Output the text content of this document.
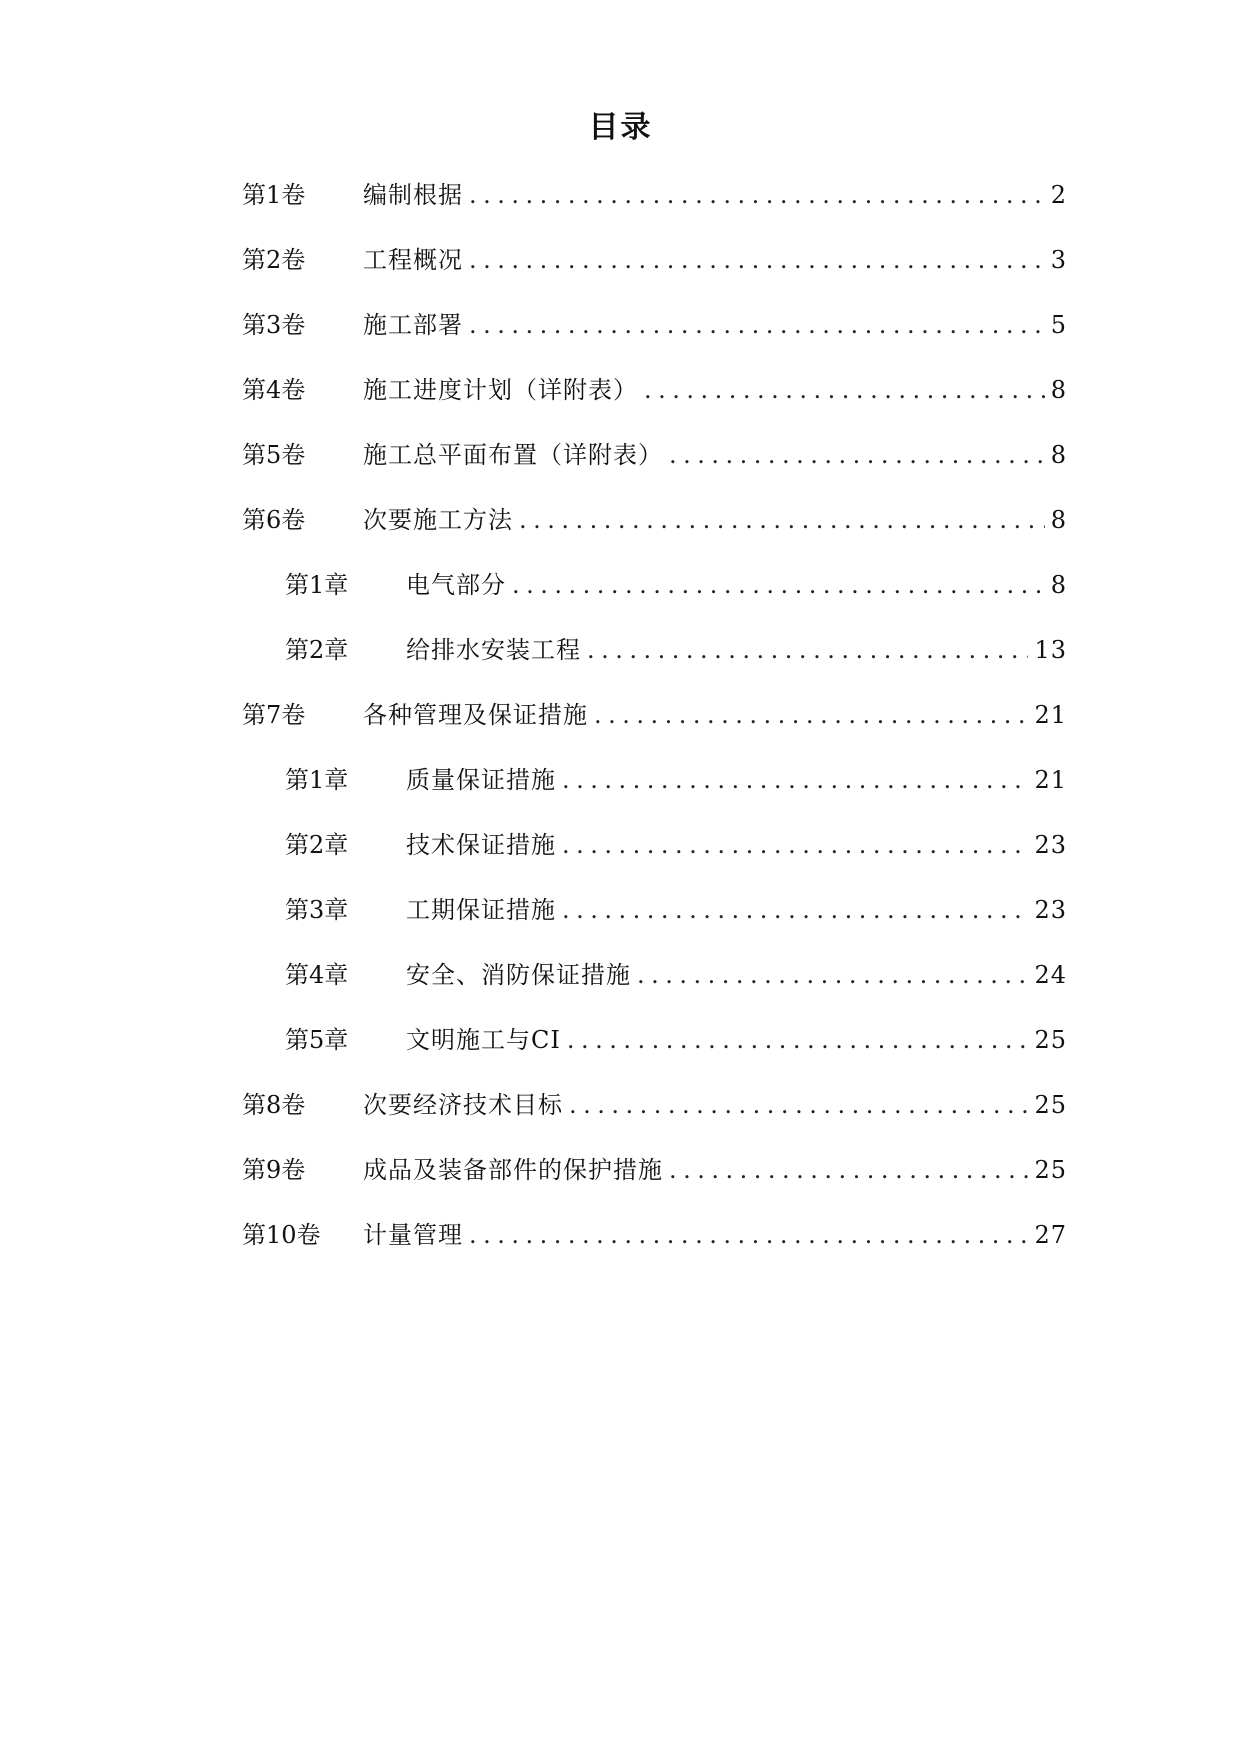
目录
第1卷	编制根据 .....	2
第2卷	工程概况 .....	3
第3卷	施工部署 .....	5
第4卷	施工进度计划（详附表） .....	8
第5卷	施工总平面布置（详附表） .....	8
第6卷	次要施工方法 .....	8
第1章	电气部分 .....	8
第2章	给排水安装工程 .....	13
第7卷	各种管理及保证措施 .....	21
第1章	质量保证措施 .....	21
第2章	技术保证措施 .....	23
第3章	工期保证措施 .....	23
第4章	安全、消防保证措施 .....	24
第5章	文明施工与CI .....	25
第8卷	次要经济技术目标 .....	25
第9卷	成品及装备部件的保护措施 .....	25
第10卷	计量管理 .....	27
